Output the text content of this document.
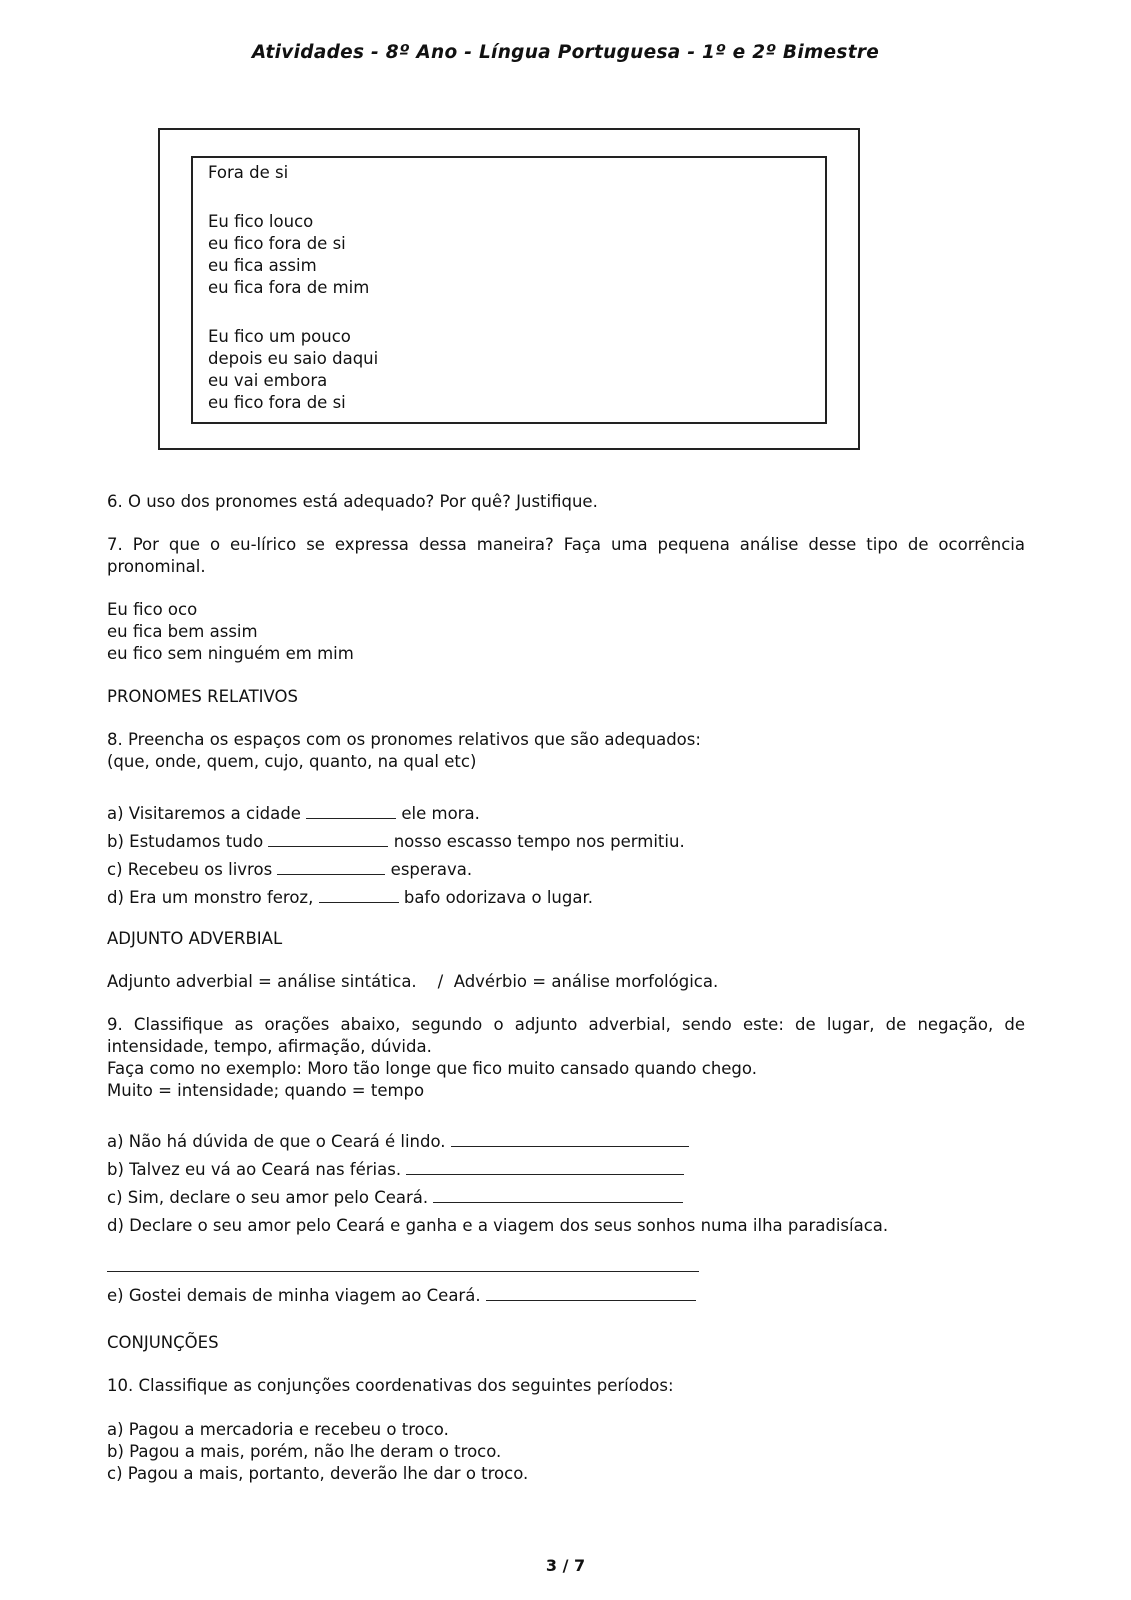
Atividades - 8º Ano - Língua Portuguesa - 1º e 2º Bimestre
Fora de si
Eu fico louco
eu fico fora de si
eu fica assim
eu fica fora de mim
Eu fico um pouco
depois eu saio daqui
eu vai embora
eu fico fora de si
6. O uso dos pronomes está adequado? Por quê? Justifique.
7. Por que o eu-lírico se expressa dessa maneira? Faça uma pequena análise desse tipo de ocorrência pronominal.
Eu fico oco
eu fica bem assim
eu fico sem ninguém em mim
PRONOMES RELATIVOS
8. Preencha os espaços com os pronomes relativos que são adequados:
(que, onde, quem, cujo, quanto, na qual etc)
a) Visitaremos a cidade	ele mora.
b) Estudamos tudo	nosso escasso tempo nos permitiu.
c) Recebeu os livros	esperava.
d) Era um monstro feroz,	bafo odorizava o lugar.
ADJUNTO ADVERBIAL
Adjunto adverbial = análise sintática.    /  Advérbio = análise morfológica.
9. Classifique as orações abaixo, segundo o adjunto adverbial, sendo este: de lugar, de negação, de intensidade, tempo, afirmação, dúvida.
Faça como no exemplo: Moro tão longe que fico muito cansado quando chego.
Muito = intensidade; quando = tempo
a) Não há dúvida de que o Ceará é lindo.
b) Talvez eu vá ao Ceará nas férias.
c) Sim, declare o seu amor pelo Ceará.
d) Declare o seu amor pelo Ceará e ganha e a viagem dos seus sonhos numa ilha paradisíaca.
e) Gostei demais de minha viagem ao Ceará.
CONJUNÇÕES
10. Classifique as conjunções coordenativas dos seguintes períodos:
a) Pagou a mercadoria e recebeu o troco.
b) Pagou a mais, porém, não lhe deram o troco.
c) Pagou a mais, portanto, deverão lhe dar o troco.
3 / 7
